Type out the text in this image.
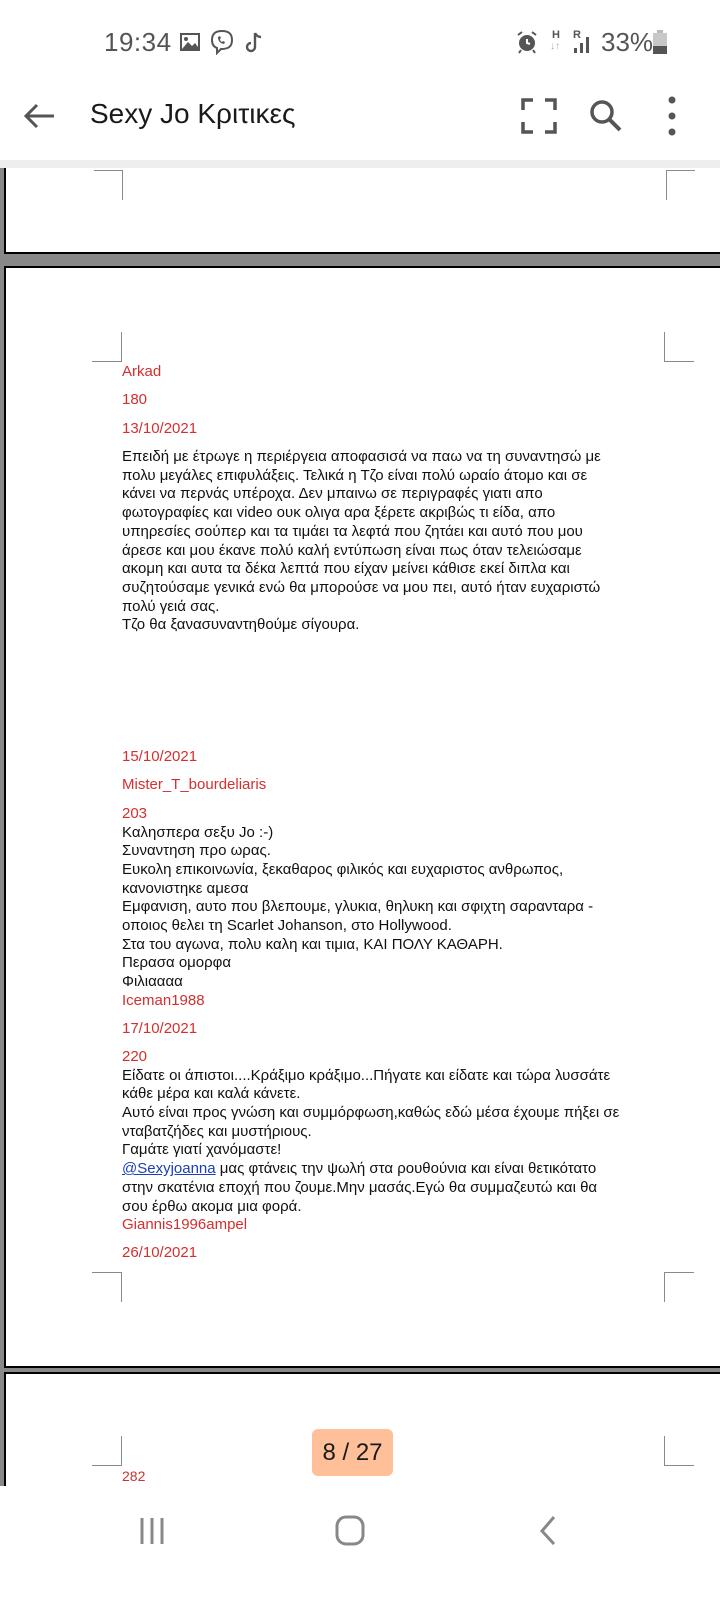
19:34	H
↓↑
R 33%
Sexy Jo Κριτικες
Arkad
180
13/10/2021
Επειδή με έτρωγε η περιέργεια αποφασισά να παω να τη συναντησώ με
πολυ μεγάλες επιφυλάξεις. Τελικά η Τζο είναι πολύ ωραίο άτομο και σε
κάνει να περνάς υπέροχα. Δεν μπαινω σε περιγραφές γιατι απο
φωτογραφίες και video ουκ ολιγα αρα ξέρετε ακριβώς τι είδα, απο
υπηρεσίες σούπερ και τα τιμάει τα λεφτά που ζητάει και αυτό που μου
άρεσε και μου έκανε πολύ καλή εντύπωση είναι πως όταν τελειώσαμε
ακομη και αυτα τα δέκα λεπτά που είχαν μείνει κάθισε εκεί διπλα και
συζητούσαμε γενικά ενώ θα μπορούσε να μου πει, αυτό ήταν ευχαριστώ
πολύ γειά σας.
Τζο θα ξανασυναντηθούμε σίγουρα.
15/10/2021
Mister_T_bourdeliaris
203
Καλησπερα σεξυ Jo :-)
Συναντηση προ ωρας.
Ευκολη επικοινωνία, ξεκαθαρος φιλικός και ευχαριστος ανθρωπος,
κανονιστηκε αμεσα
Εμφανιση, αυτο που βλεπουμε, γλυκια, θηλυκη και σφιχτη σαρανταρα -
οποιος θελει τη Scarlet Johanson, στο Hollywood.
Στα του αγωνα, πολυ καλη και τιμια, ΚΑΙ ΠΟΛΥ ΚΑΘΑΡΗ.
Περασα ομορφα
Φιλιαααα
Iceman1988
17/10/2021
220
Είδατε οι άπιστοι....Κράξιμο κράξιμο...Πήγατε και είδατε και τώρα λυσσάτε
κάθε μέρα και καλά κάνετε.
Αυτό είναι προς γνώση και συμμόρφωση,καθώς εδώ μέσα έχουμε πήξει σε
νταβατζήδες και μυστήριους.
Γαμάτε γιατί χανόμαστε!
@Sexyjoanna μας φτάνεις την ψωλή στα ρουθούνια και είναι θετικότατο
στην σκατένια εποχή που ζουμε.Μην μασάς.Εγώ θα συμμαζευτώ και θα
σου έρθω ακομα μια φορά.
Giannis1996ampel
26/10/2021
282
8 / 27
